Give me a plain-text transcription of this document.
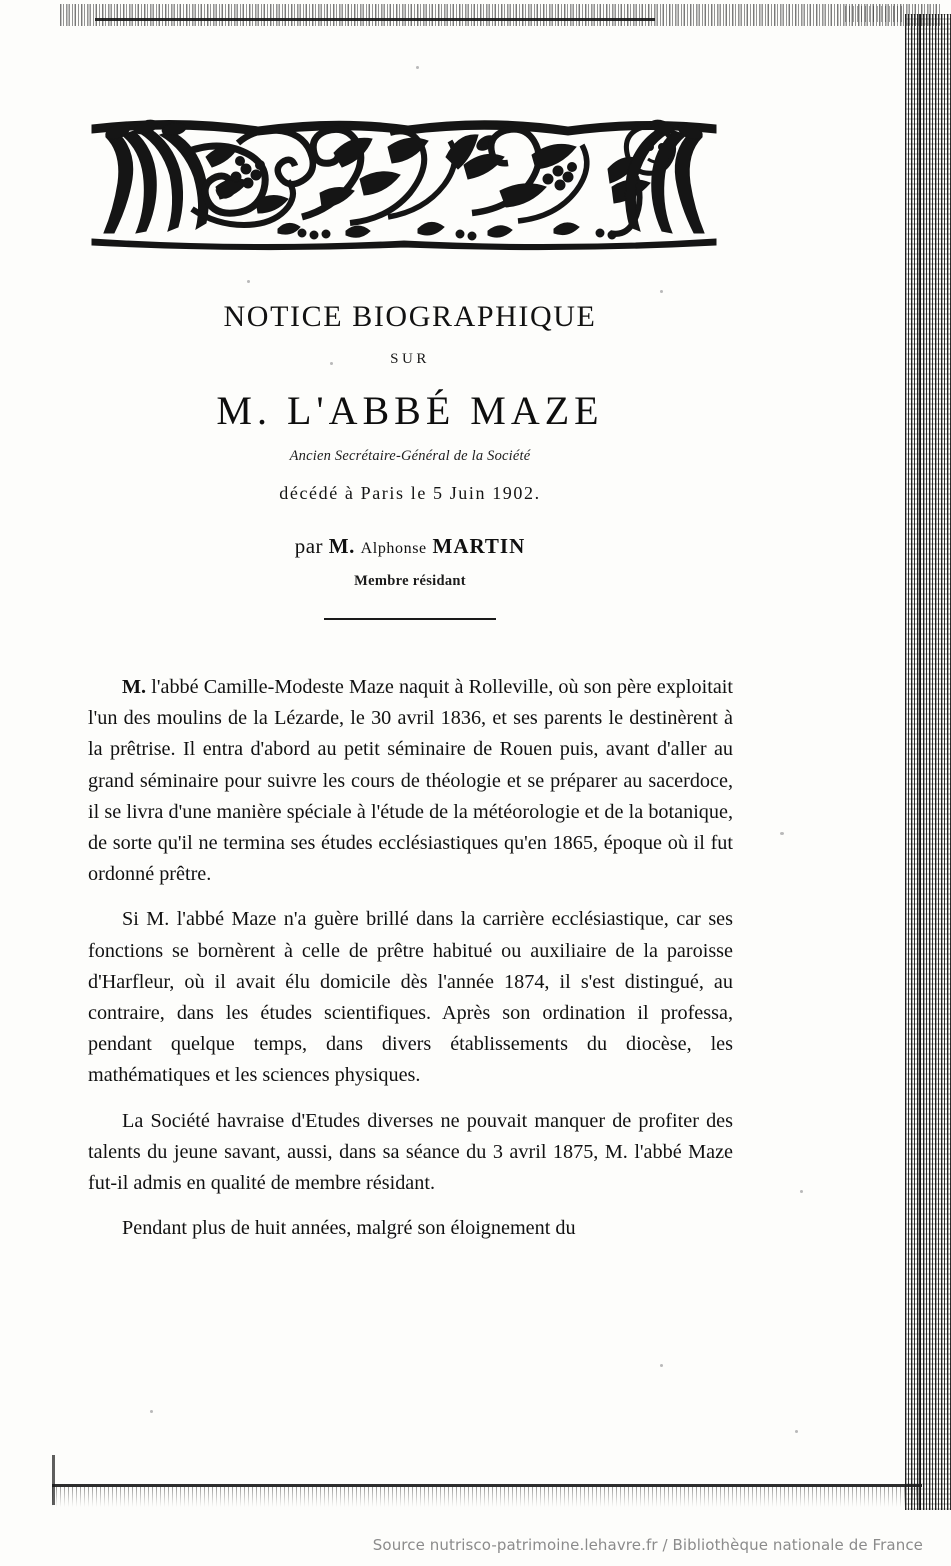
NOTICE BIOGRAPHIQUE
SUR
M. L'ABBÉ MAZE
Ancien Secrétaire-Général de la Société
décédé à Paris le 5 Juin 1902.
par M. Alphonse MARTIN
Membre résidant

M. l'abbé Camille-Modeste Maze naquit à Rolleville, où son père exploitait l'un des moulins de la Lézarde, le 30 avril 1836, et ses parents le destinèrent à la prêtrise. Il entra d'abord au petit séminaire de Rouen puis, avant d'aller au grand séminaire pour suivre les cours de théologie et se préparer au sacerdoce, il se livra d'une manière spéciale à l'étude de la météorologie et de la botanique, de sorte qu'il ne termina ses études ecclésiastiques qu'en 1865, époque où il fut ordonné prêtre.

Si M. l'abbé Maze n'a guère brillé dans la carrière ecclésiastique, car ses fonctions se bornèrent à celle de prêtre habitué ou auxiliaire de la paroisse d'Harfleur, où il avait élu domicile dès l'année 1874, il s'est distingué, au contraire, dans les études scientifiques. Après son ordination il professa, pendant quelque temps, dans divers établissements du diocèse, les mathématiques et les sciences physiques.

La Société havraise d'Etudes diverses ne pouvait manquer de profiter des talents du jeune savant, aussi, dans sa séance du 3 avril 1875, M. l'abbé Maze fut-il admis en qualité de membre résidant.

Pendant plus de huit années, malgré son éloignement du

Source nutrisco-patrimoine.lehavre.fr / Bibliothèque nationale de France
